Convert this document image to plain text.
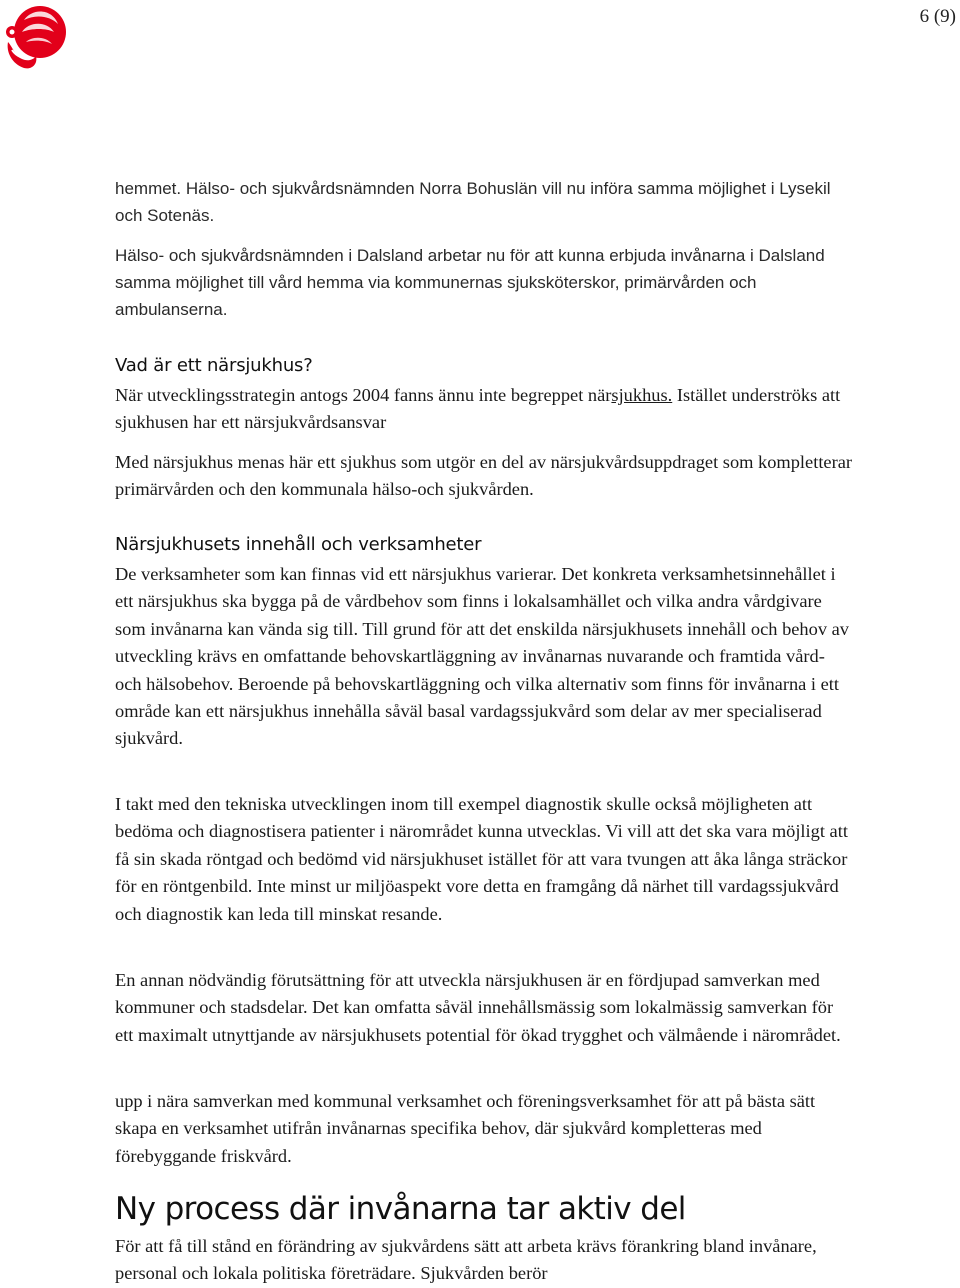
6 (9)

hemmet. Hälso- och sjukvårdsnämnden Norra Bohuslän vill nu införa samma möjlighet i Lysekil och Sotenäs.

Hälso- och sjukvårdsnämnden i Dalsland arbetar nu för att kunna erbjuda invånarna i Dalsland samma möjlighet till vård hemma via kommunernas sjuksköterskor, primärvården och ambulanserna.

Vad är ett närsjukhus?

När utvecklingsstrategin antogs 2004 fanns ännu inte begreppet närsjukhus. Istället underströks att sjukhusen har ett närsjukvårdsansvar

Med närsjukhus menas här ett sjukhus som utgör en del av närsjukvårdsuppdraget som kompletterar primärvården och den kommunala hälso-och sjukvården.

Närsjukhusets innehåll och verksamheter

De verksamheter som kan finnas vid ett närsjukhus varierar. Det konkreta verksamhetsinnehållet i ett närsjukhus ska bygga på de vårdbehov som finns i lokalsamhället och vilka andra vårdgivare som invånarna kan vända sig till. Till grund för att det enskilda närsjukhusets innehåll och behov av utveckling krävs en omfattande behovskartläggning av invånarnas nuvarande och framtida vård- och hälsobehov. Beroende på behovskartläggning och vilka alternativ som finns för invånarna i ett område kan ett närsjukhus innehålla såväl basal vardagssjukvård som delar av mer specialiserad sjukvård.

I takt med den tekniska utvecklingen inom till exempel diagnostik skulle också möjligheten att bedöma och diagnostisera patienter i närområdet kunna utvecklas. Vi vill att det ska vara möjligt att få sin skada röntgad och bedömd vid närsjukhuset istället för att vara tvungen att åka långa sträckor för en röntgenbild. Inte minst ur miljöaspekt vore detta en framgång då närhet till vardagssjukvård och diagnostik kan leda till minskat resande.

En annan nödvändig förutsättning för att utveckla närsjukhusen är en fördjupad samverkan med kommuner och stadsdelar. Det kan omfatta såväl innehållsmässig som lokalmässig samverkan för ett maximalt utnyttjande av närsjukhusets potential för ökad trygghet och välmående i närområdet.

upp i nära samverkan med kommunal verksamhet och föreningsverksamhet för att på bästa sätt skapa en verksamhet utifrån invånarnas specifika behov, där sjukvård kompletteras med förebyggande friskvård.

Ny process där invånarna tar aktiv del

För att få till stånd en förändring av sjukvårdens sätt att arbeta krävs förankring bland invånare, personal och lokala politiska företrädare. Sjukvården berör
